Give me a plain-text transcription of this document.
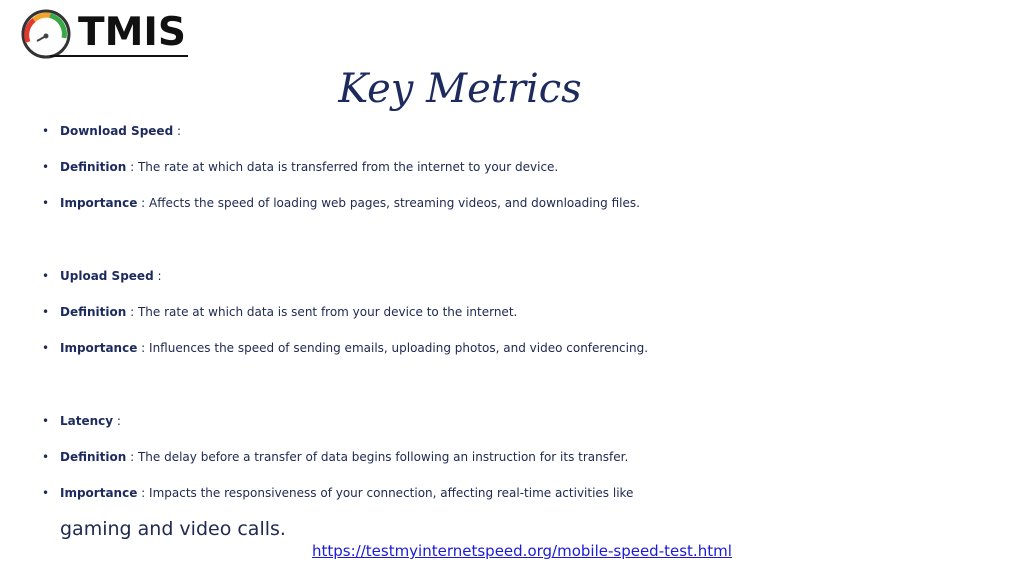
TMIS
Key Metrics
• Download Speed :
• Definition : The rate at which data is transferred from the internet to your device.
• Importance : Affects the speed of loading web pages, streaming videos, and downloading files.
• Upload Speed :
• Definition : The rate at which data is sent from your device to the internet.
• Importance : Influences the speed of sending emails, uploading photos, and video conferencing.
• Latency :
• Definition : The delay before a transfer of data begins following an instruction for its transfer.
• Importance : Impacts the responsiveness of your connection, affecting real-time activities like
gaming and video calls.
https://testmyinternetspeed.org/mobile-speed-test.html
